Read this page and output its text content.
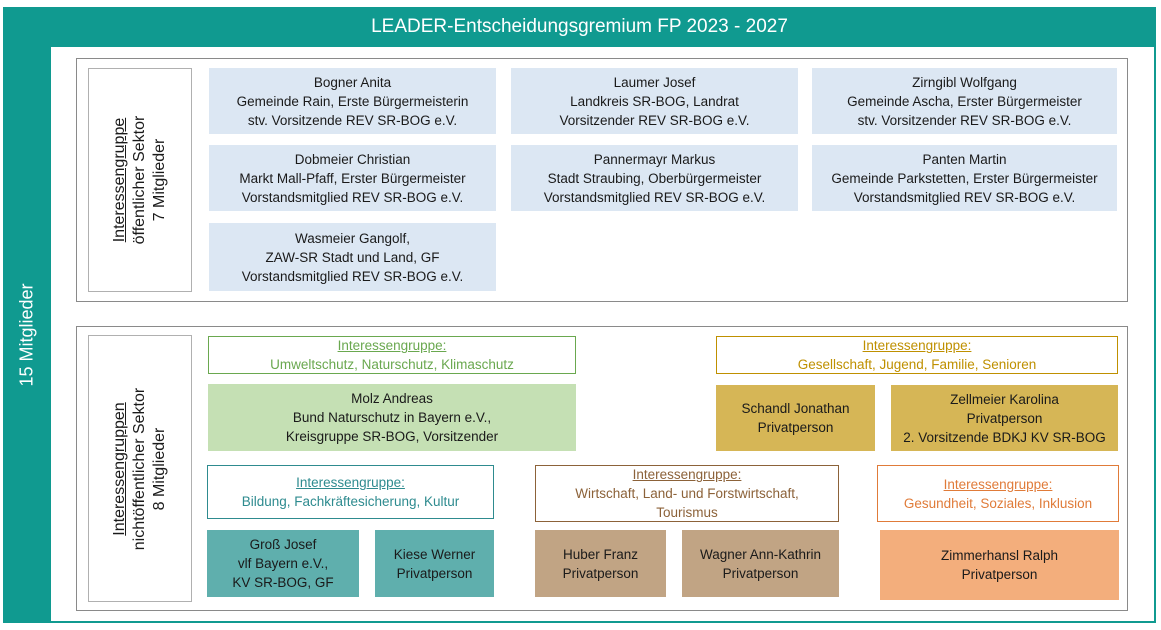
LEADER-Entscheidungsgremium FP 2023 - 2027
15 Mitglieder
Interessengruppe öffentlicher Sektor 7 Mitglieder
Bogner Anita
Gemeinde Rain, Erste Bürgermeisterin
stv. Vorsitzende REV SR-BOG e.V.
Laumer Josef
Landkreis SR-BOG, Landrat
Vorsitzender REV SR-BOG e.V.
Zirngibl Wolfgang
Gemeinde Ascha, Erster Bürgermeister
stv. Vorsitzender REV SR-BOG e.V.
Dobmeier Christian
Markt Mall-Pfaff, Erster Bürgermeister
Vorstandsmitglied REV SR-BOG e.V.
Pannermayr Markus
Stadt Straubing, Oberbürgermeister
Vorstandsmitglied REV SR-BOG e.V.
Panten Martin
Gemeinde Parkstetten, Erster Bürgermeister
Vorstandsmitglied REV SR-BOG e.V.
Wasmeier Gangolf,
ZAW-SR Stadt und Land, GF
Vorstandsmitglied REV SR-BOG e.V.
Interessengruppen nichtöffentlicher Sektor 8 Mitglieder
Interessengruppe:
Umweltschutz, Naturschutz, Klimaschutz
Molz Andreas
Bund Naturschutz in Bayern e.V.,
Kreisgruppe SR-BOG, Vorsitzender
Interessengruppe:
Gesellschaft, Jugend, Familie, Senioren
Schandl Jonathan
Privatperson
Zellmeier Karolina
Privatperson
2. Vorsitzende BDKJ KV SR-BOG
Interessengruppe:
Bildung, Fachkräftesicherung, Kultur
Groß Josef
vlf Bayern e.V.,
KV SR-BOG, GF
Kiese Werner
Privatperson
Interessengruppe:
Wirtschaft, Land- und Forstwirtschaft,
Tourismus
Huber Franz
Privatperson
Wagner Ann-Kathrin
Privatperson
Interessengruppe:
Gesundheit, Soziales, Inklusion
Zimmerhansl Ralph
Privatperson
